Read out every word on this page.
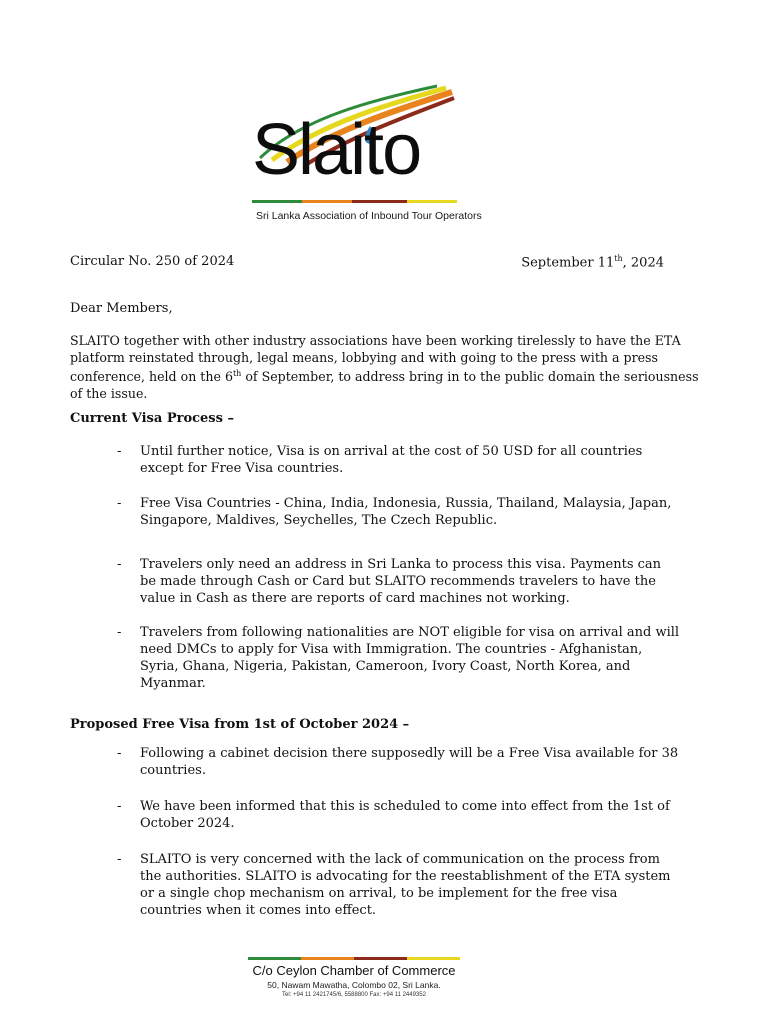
Slaito
Sri Lanka Association of Inbound Tour Operators
Circular No. 250 of 2024	September 11th, 2024
Dear Members,

SLAITO together with other industry associations have been working tirelessly to have the ETA platform reinstated through, legal means, lobbying and with going to the press with a press conference, held on the 6th of September, to address bring in to the public domain the seriousness of the issue.

Current Visa Process –
- Until further notice, Visa is on arrival at the cost of 50 USD for all countries except for Free Visa countries.
- Free Visa Countries - China, India, Indonesia, Russia, Thailand, Malaysia, Japan, Singapore, Maldives, Seychelles, The Czech Republic.
- Travelers only need an address in Sri Lanka to process this visa. Payments can be made through Cash or Card but SLAITO recommends travelers to have the value in Cash as there are reports of card machines not working.
- Travelers from following nationalities are NOT eligible for visa on arrival and will need DMCs to apply for Visa with Immigration. The countries - Afghanistan, Syria, Ghana, Nigeria, Pakistan, Cameroon, Ivory Coast, North Korea, and Myanmar.
Proposed Free Visa from 1st of October 2024 –
- Following a cabinet decision there supposedly will be a Free Visa available for 38 countries.
- We have been informed that this is scheduled to come into effect from the 1st of October 2024.
- SLAITO is very concerned with the lack of communication on the process from the authorities. SLAITO is advocating for the reestablishment of the ETA system or a single chop mechanism on arrival, to be implement for the free visa countries when it comes into effect.
C/o Ceylon Chamber of Commerce
50, Nawam Mawatha, Colombo 02, Sri Lanka.
Tel: +94 11 2421745/6, 5588800 Fax: +94 11 2449352
